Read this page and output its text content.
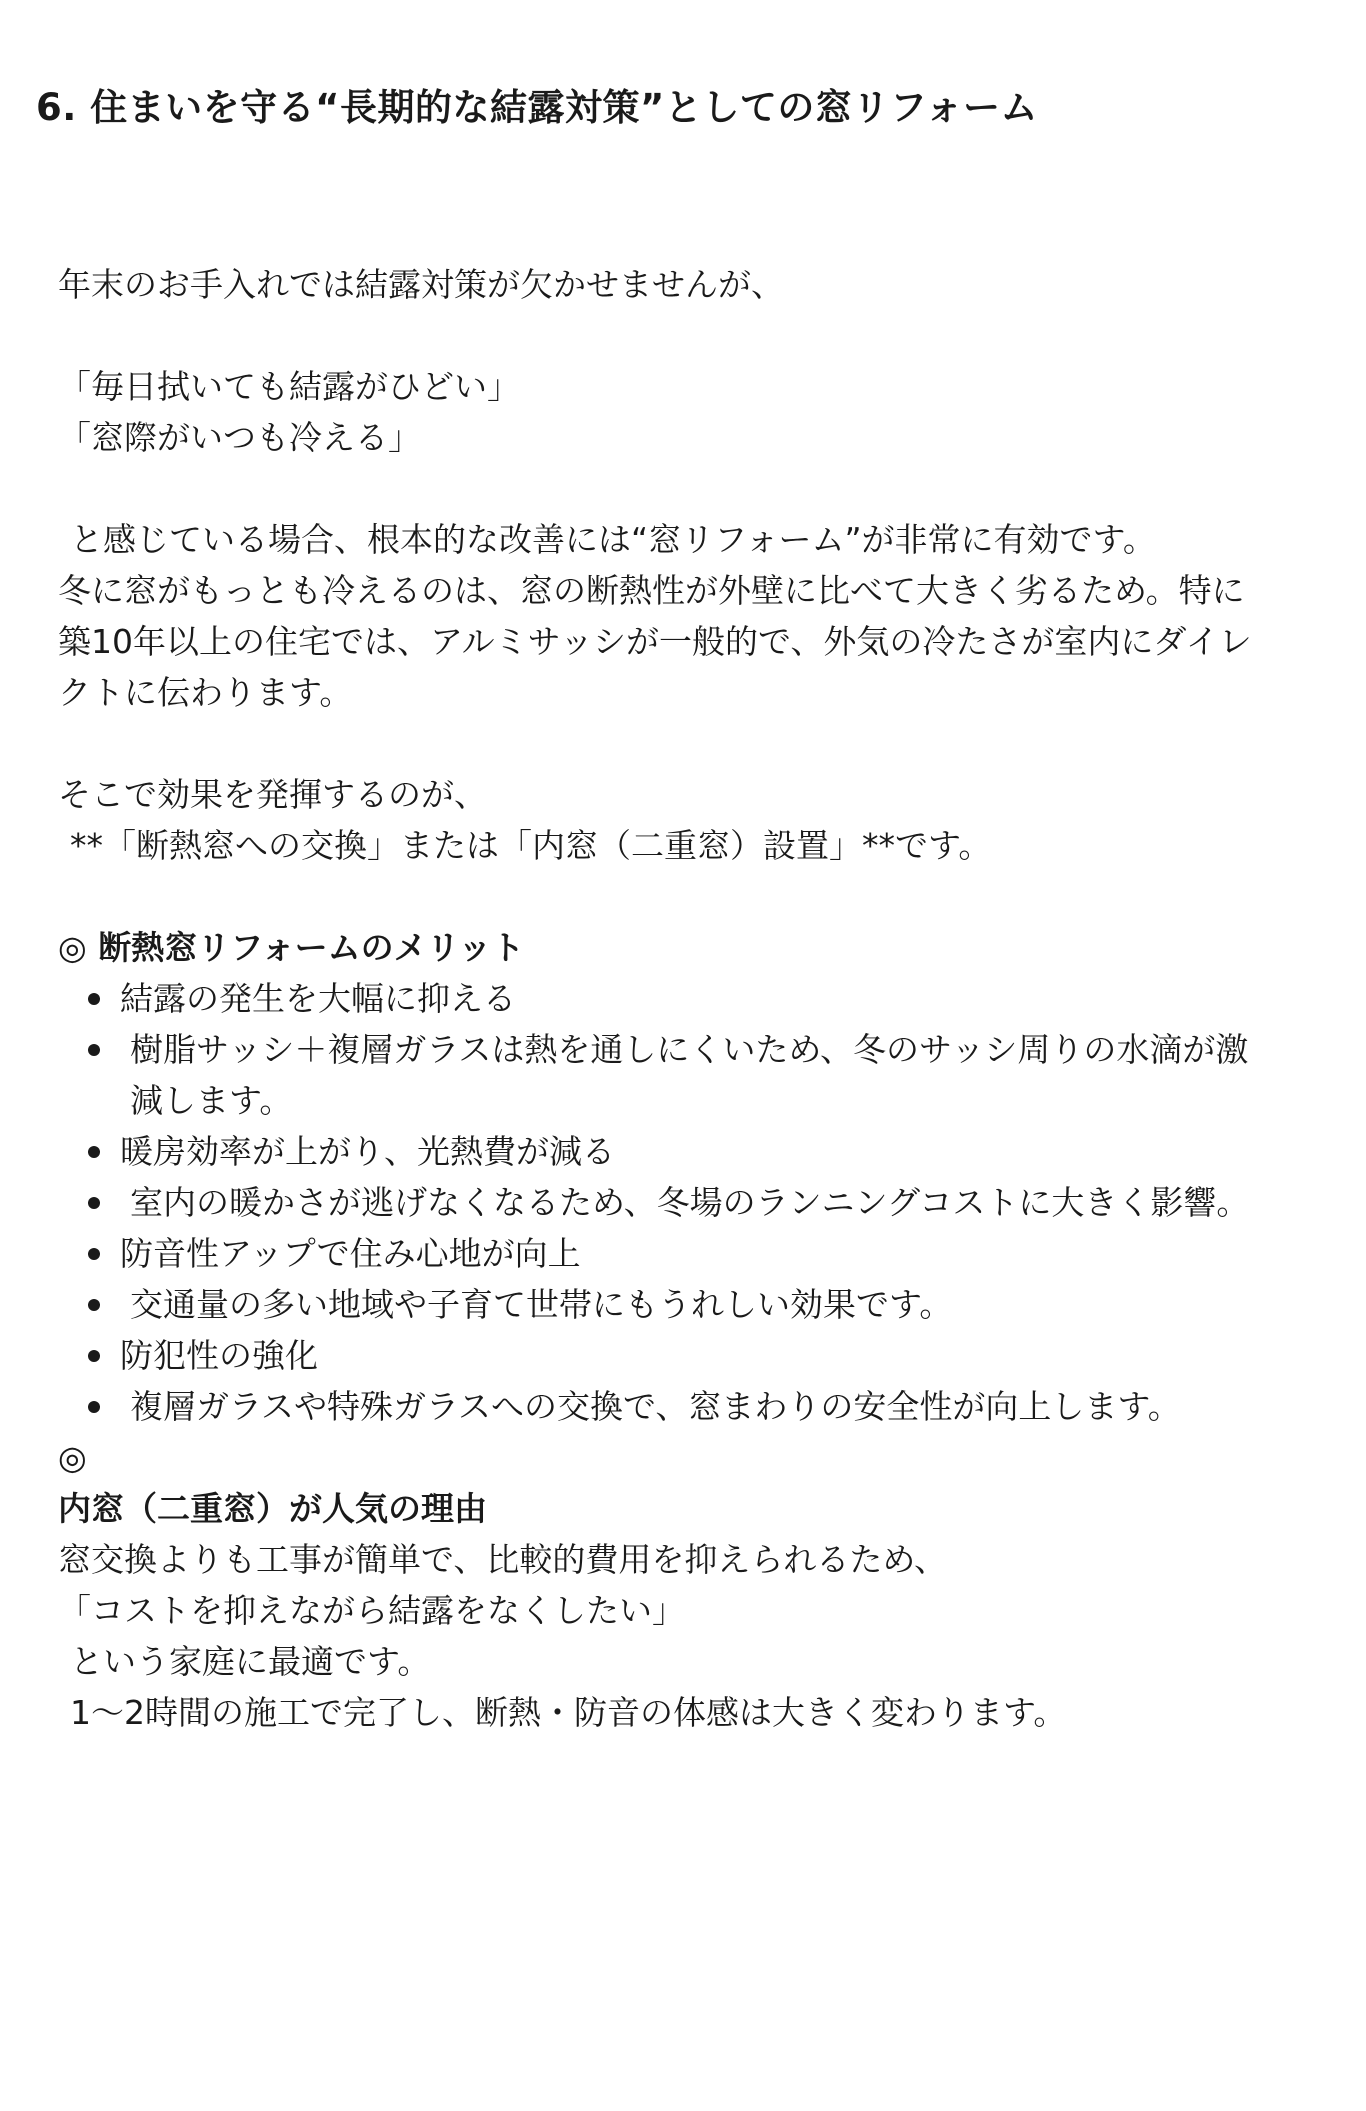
6. 住まいを守る“長期的な結露対策”としての窓リフォーム

年末のお手入れでは結露対策が欠かせませんが、

「毎日拭いても結露がひどい」

「窓際がいつも冷える」

と感じている場合、根本的な改善には“窓リフォーム”が非常に有効です。

冬に窓がもっとも冷えるのは、窓の断熱性が外壁に比べて大きく劣るため。特に築10年以上の住宅では、アルミサッシが一般的で、外気の冷たさが室内にダイレクトに伝わります。

そこで効果を発揮するのが、

**「断熱窓への交換」または「内窓（二重窓）設置」**です。

◎ 断熱窓リフォームのメリット

結露の発生を大幅に抑える
樹脂サッシ＋複層ガラスは熱を通しにくいため、冬のサッシ周りの水滴が激減します。
暖房効率が上がり、光熱費が減る
室内の暖かさが逃げなくなるため、冬場のランニングコストに大きく影響。
防音性アップで住み心地が向上
交通量の多い地域や子育て世帯にもうれしい効果です。
防犯性の強化
複層ガラスや特殊ガラスへの交換で、窓まわりの安全性が向上します。

◎

内窓（二重窓）が人気の理由

窓交換よりも工事が簡単で、比較的費用を抑えられるため、

「コストを抑えながら結露をなくしたい」

という家庭に最適です。

1〜2時間の施工で完了し、断熱・防音の体感は大きく変わります。
